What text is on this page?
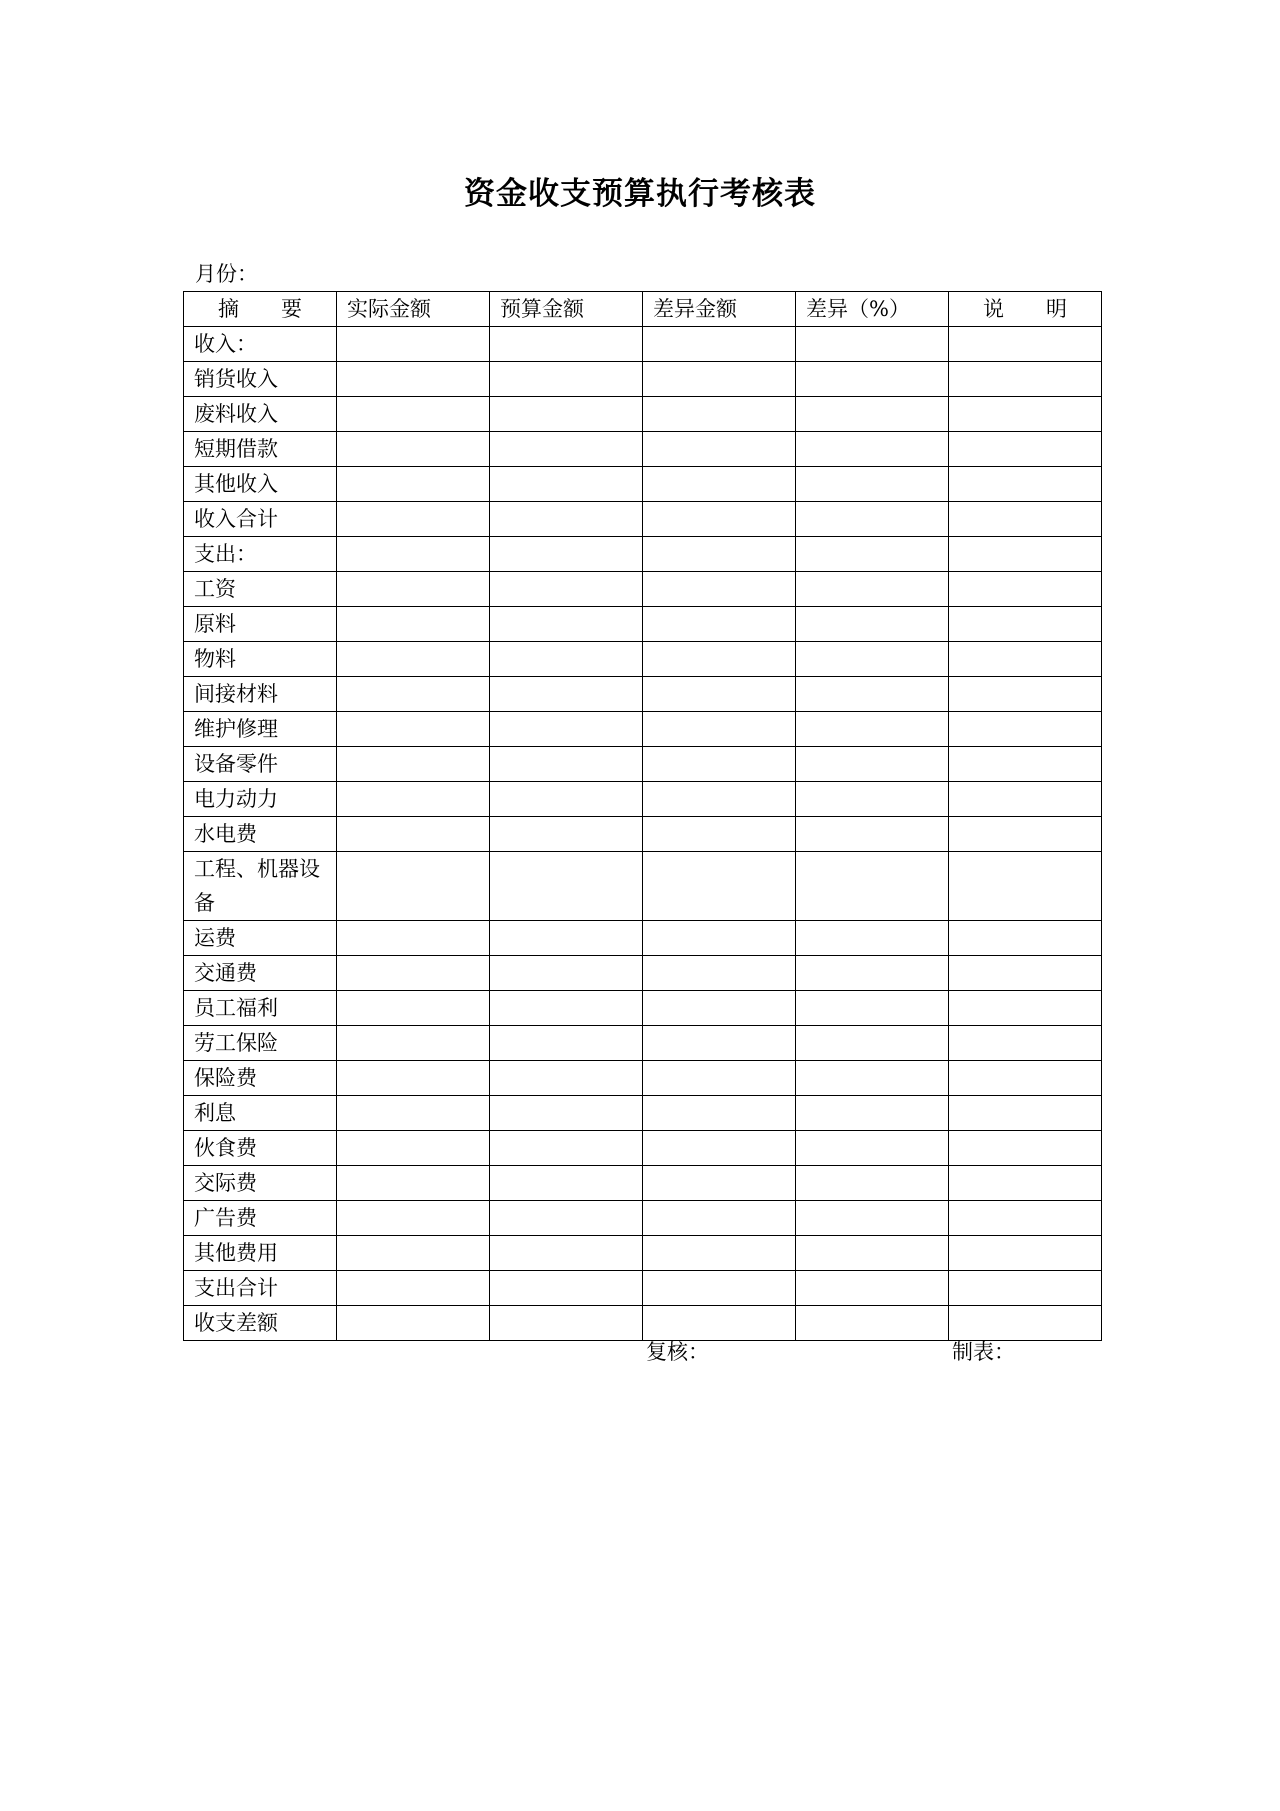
资金收支预算执行考核表
月份：
摘　　要	实际金额	预算金额	差异金额	差异（%）	说　　明
收入：					
销货收入					
废料收入					
短期借款					
其他收入					
收入合计					
支出：					
工资					
原料					
物料					
间接材料					
维护修理					
设备零件					
电力动力					
水电费					
工程、机器设备					
运费					
交通费					
员工福利					
劳工保险					
保险费					
利息					
伙食费					
交际费					
广告费					
其他费用					
支出合计					
收支差额					
复核：	制表：
